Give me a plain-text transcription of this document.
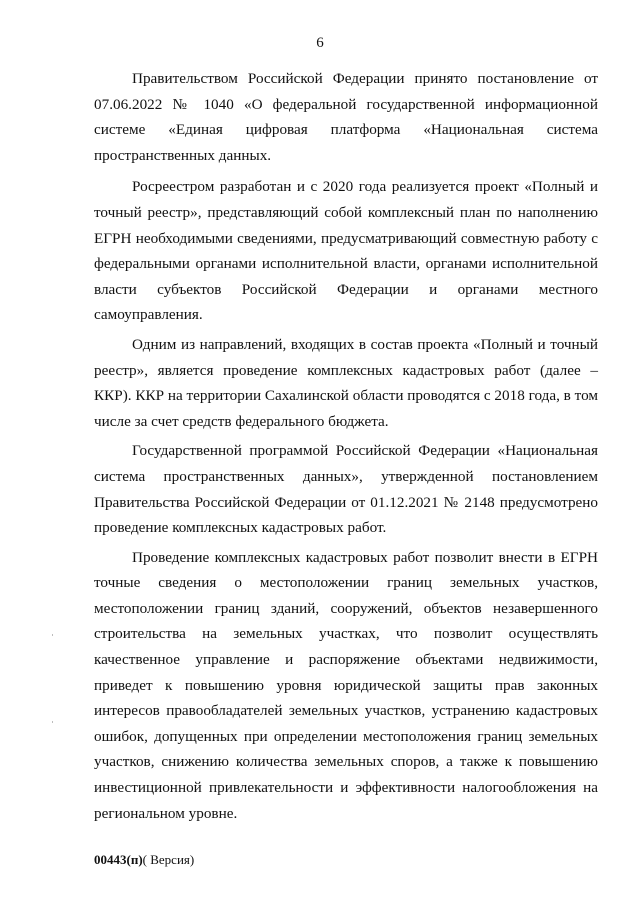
6

Правительством Российской Федерации принято постановление от 07.06.2022 № 1040 «О федеральной государственной информационной системе «Единая цифровая платформа «Национальная система пространственных данных.

Росреестром разработан и с 2020 года реализуется проект «Полный и точный реестр», представляющий собой комплексный план по наполнению ЕГРН необходимыми сведениями, предусматривающий совместную работу с федеральными органами исполнительной власти, органами исполнительной власти субъектов Российской Федерации и органами местного самоуправления.

Одним из направлений, входящих в состав проекта «Полный и точный реестр», является проведение комплексных кадастровых работ (далее – ККР). ККР на территории Сахалинской области проводятся с 2018 года, в том числе за счет средств федерального бюджета.

Государственной программой Российской Федерации «Национальная система пространственных данных», утвержденной постановлением Правительства Российской Федерации от 01.12.2021 № 2148 предусмотрено проведение комплексных кадастровых работ.

Проведение комплексных кадастровых работ позволит внести в ЕГРН точные сведения о местоположении границ земельных участков, местоположении границ зданий, сооружений, объектов незавершенного строительства на земельных участках, что позволит осуществлять качественное управление и распоряжение объектами недвижимости, приведет к повышению уровня юридической защиты прав законных интересов правообладателей земельных участков, устранению кадастровых ошибок, допущенных при определении местоположения границ земельных участков, снижению количества земельных споров, а также к повышению инвестиционной привлекательности и эффективности налогообложения на региональном уровне.

00443(п)( Версия)
